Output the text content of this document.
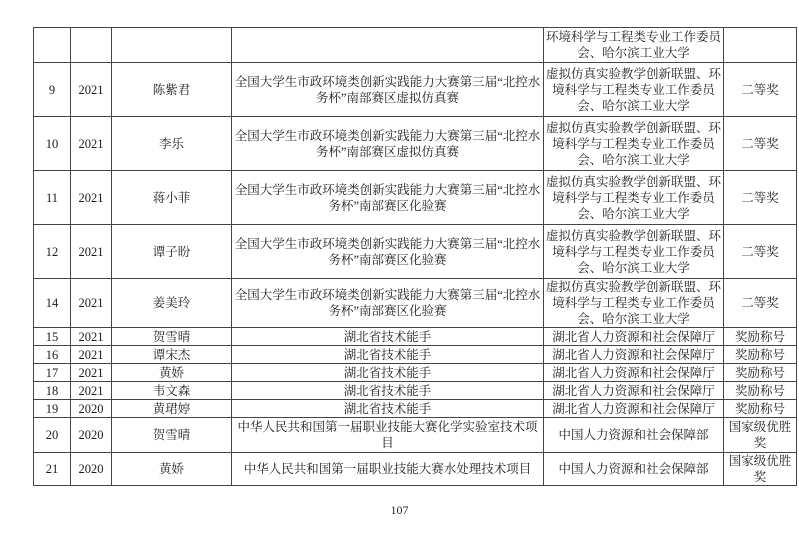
				环境科学与工程类专业工作委员会、哈尔滨工业大学	
9	2021	陈紫君	全国大学生市政环境类创新实践能力大赛第三届“北控水务杯”南部赛区虚拟仿真赛	虚拟仿真实验教学创新联盟、环境科学与工程类专业工作委员会、哈尔滨工业大学	二等奖
10	2021	李乐	全国大学生市政环境类创新实践能力大赛第三届“北控水务杯”南部赛区虚拟仿真赛	虚拟仿真实验教学创新联盟、环境科学与工程类专业工作委员会、哈尔滨工业大学	二等奖
11	2021	蒋小菲	全国大学生市政环境类创新实践能力大赛第三届“北控水务杯”南部赛区化验赛	虚拟仿真实验教学创新联盟、环境科学与工程类专业工作委员会、哈尔滨工业大学	二等奖
12	2021	谭子盼	全国大学生市政环境类创新实践能力大赛第三届“北控水务杯”南部赛区化验赛	虚拟仿真实验教学创新联盟、环境科学与工程类专业工作委员会、哈尔滨工业大学	二等奖
14	2021	姜美玲	全国大学生市政环境类创新实践能力大赛第三届“北控水务杯”南部赛区化验赛	虚拟仿真实验教学创新联盟、环境科学与工程类专业工作委员会、哈尔滨工业大学	二等奖
15	2021	贺雪晴	湖北省技术能手	湖北省人力资源和社会保障厅	奖励称号
16	2021	谭宋杰	湖北省技术能手	湖北省人力资源和社会保障厅	奖励称号
17	2021	黄娇	湖北省技术能手	湖北省人力资源和社会保障厅	奖励称号
18	2021	韦文森	湖北省技术能手	湖北省人力资源和社会保障厅	奖励称号
19	2020	黄珺婷	湖北省技术能手	湖北省人力资源和社会保障厅	奖励称号
20	2020	贺雪晴	中华人民共和国第一届职业技能大赛化学实验室技术项目	中国人力资源和社会保障部	国家级优胜奖
21	2020	黄娇	中华人民共和国第一届职业技能大赛水处理技术项目	中国人力资源和社会保障部	国家级优胜奖
107
